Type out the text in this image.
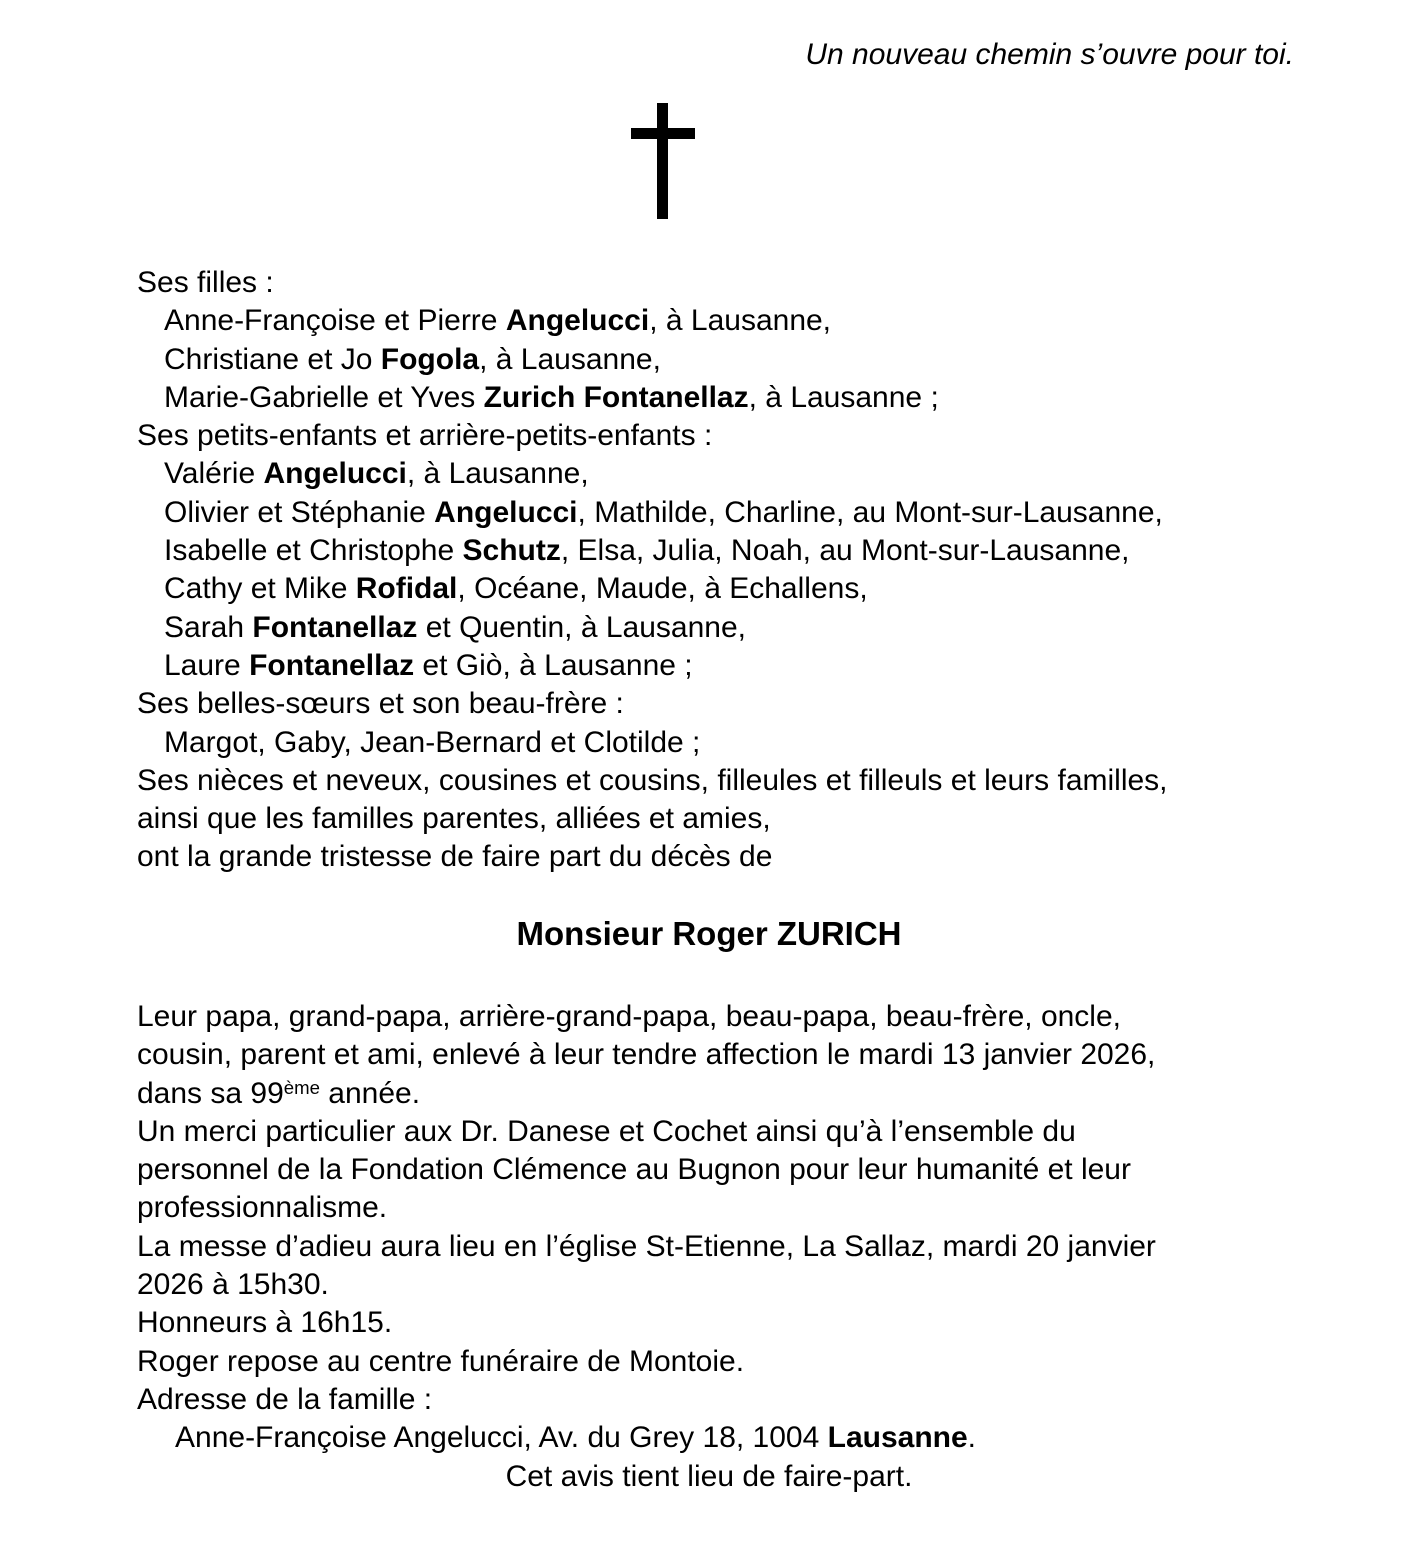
Un nouveau chemin s’ouvre pour toi.
Ses filles :
Anne-Françoise et Pierre Angelucci, à Lausanne,
Christiane et Jo Fogola, à Lausanne,
Marie-Gabrielle et Yves Zurich Fontanellaz, à Lausanne ;
Ses petits-enfants et arrière-petits-enfants :
Valérie Angelucci, à Lausanne,
Olivier et Stéphanie Angelucci, Mathilde, Charline, au Mont-sur-Lausanne,
Isabelle et Christophe Schutz, Elsa, Julia, Noah, au Mont-sur-Lausanne,
Cathy et Mike Rofidal, Océane, Maude, à Echallens,
Sarah Fontanellaz et Quentin, à Lausanne,
Laure Fontanellaz et Giò, à Lausanne ;
Ses belles-sœurs et son beau-frère :
Margot, Gaby, Jean-Bernard et Clotilde ;
Ses nièces et neveux, cousines et cousins, filleules et filleuls et leurs familles,
ainsi que les familles parentes, alliées et amies,
ont la grande tristesse de faire part du décès de
Monsieur Roger ZURICH
Leur papa, grand-papa, arrière-grand-papa, beau-papa, beau-frère, oncle,
cousin, parent et ami, enlevé à leur tendre affection le mardi 13 janvier 2026,
dans sa 99ème année.
Un merci particulier aux Dr. Danese et Cochet ainsi qu’à l’ensemble du
personnel de la Fondation Clémence au Bugnon pour leur humanité et leur
professionnalisme.
La messe d’adieu aura lieu en l’église St-Etienne, La Sallaz, mardi 20 janvier
2026 à 15h30.
Honneurs à 16h15.
Roger repose au centre funéraire de Montoie.
Adresse de la famille :
Anne-Françoise Angelucci, Av. du Grey 18, 1004 Lausanne.
Cet avis tient lieu de faire-part.
